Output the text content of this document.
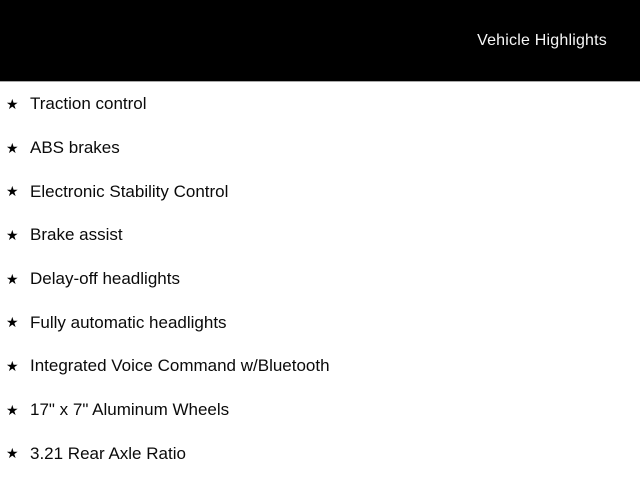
Vehicle Highlights
★ Traction control
★ ABS brakes
★ Electronic Stability Control
★ Brake assist
★ Delay-off headlights
★ Fully automatic headlights
★ Integrated Voice Command w/Bluetooth
★ 17" x 7" Aluminum Wheels
★ 3.21 Rear Axle Ratio
